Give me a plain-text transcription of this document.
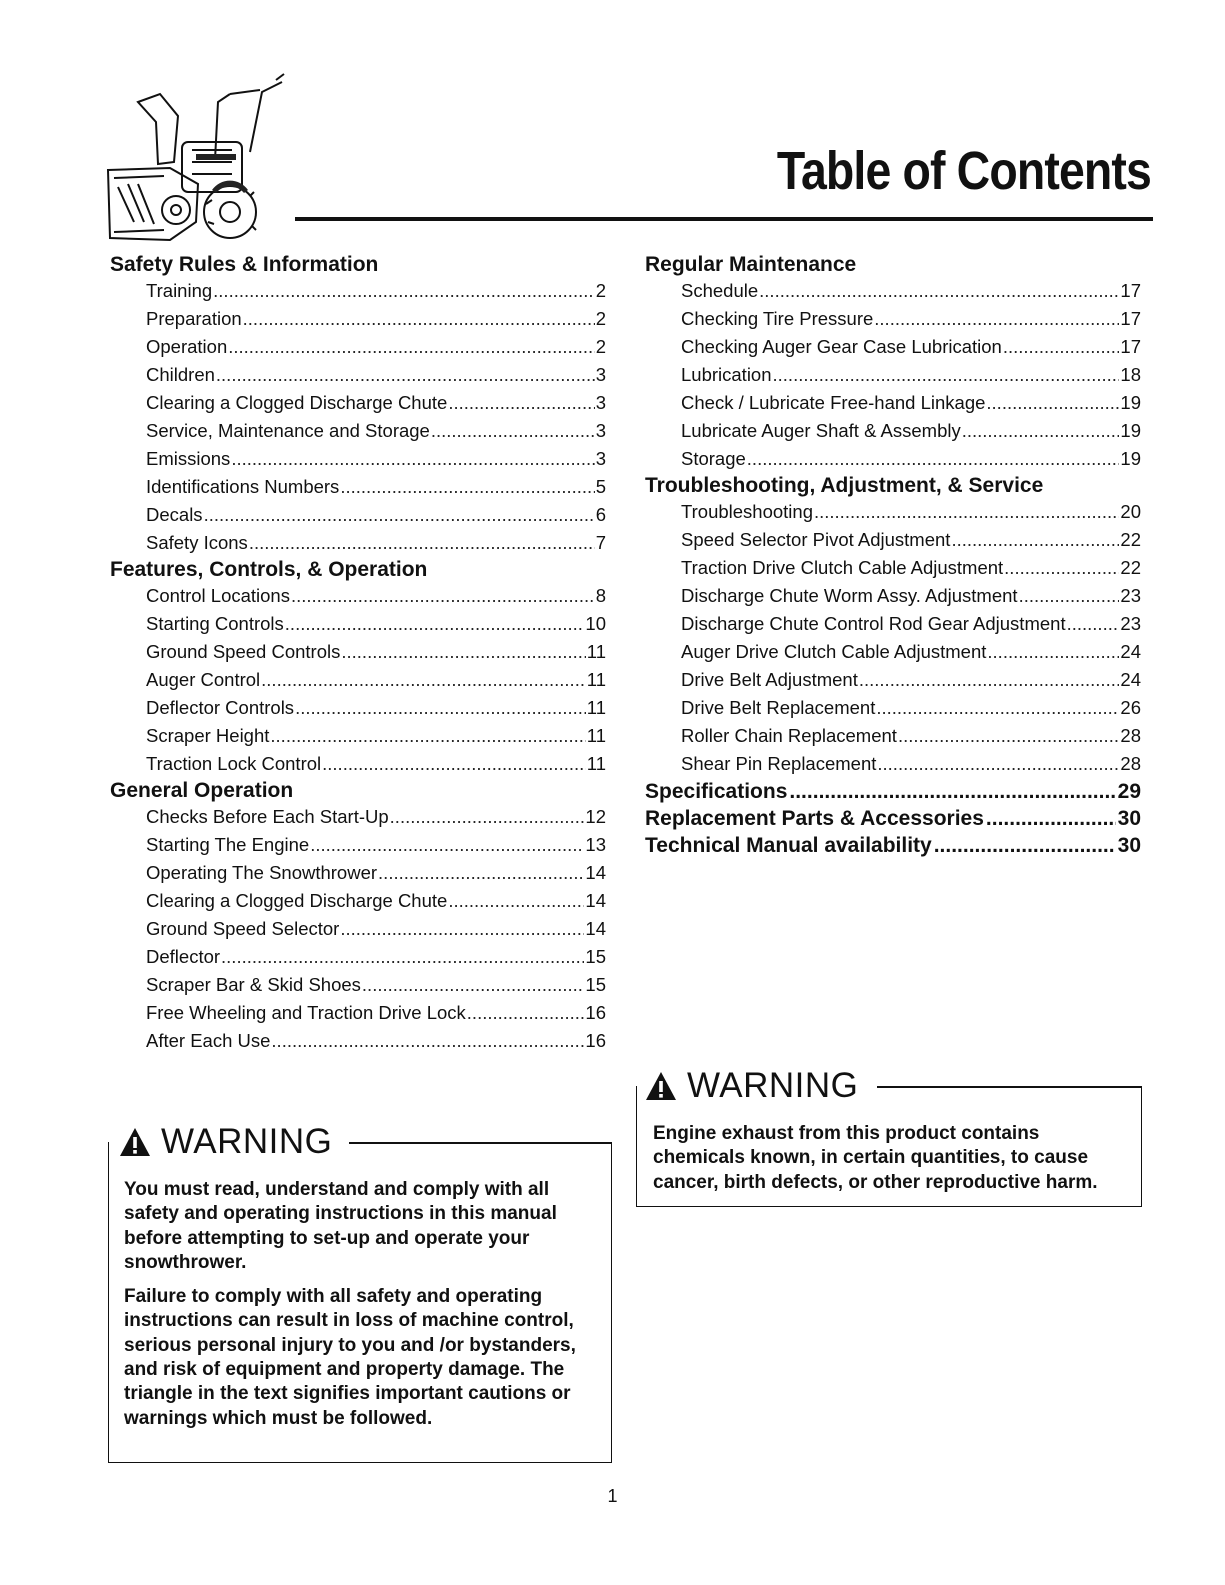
Table of Contents
Safety Rules & Information
Training .....	2
Preparation .....	2
Operation .....	2
Children .....	3
Clearing a Clogged Discharge Chute .....	3
Service, Maintenance and Storage .....	3
Emissions .....	3
Identifications Numbers .....	5
Decals .....	6
Safety Icons .....	7
Features, Controls, & Operation
Control Locations .....	8
Starting Controls .....	10
Ground Speed Controls .....	11
Auger Control .....	11
Deflector Controls .....	11
Scraper Height .....	11
Traction Lock Control .....	11
General Operation
Checks Before Each Start-Up .....	12
Starting The Engine .....	13
Operating The Snowthrower .....	14
Clearing a Clogged Discharge Chute .....	14
Ground Speed Selector .....	14
Deflector .....	15
Scraper Bar & Skid Shoes .....	15
Free Wheeling and Traction Drive Lock .....	16
After Each Use .....	16
Regular Maintenance
Schedule .....	17
Checking Tire Pressure .....	17
Checking Auger Gear Case Lubrication .....	17
Lubrication .....	18
Check / Lubricate Free-hand Linkage .....	19
Lubricate Auger Shaft & Assembly .....	19
Storage .....	19
Troubleshooting, Adjustment, & Service
Troubleshooting .....	20
Speed Selector Pivot Adjustment .....	22
Traction Drive Clutch Cable Adjustment .....	22
Discharge Chute Worm Assy. Adjustment .....	23
Discharge Chute Control Rod Gear Adjustment .....	23
Auger Drive Clutch Cable Adjustment .....	24
Drive Belt Adjustment .....	24
Drive Belt Replacement .....	26
Roller Chain Replacement .....	28
Shear Pin Replacement .....	28
Specifications .....	29
Replacement Parts & Accessories .....	30
Technical Manual availability .....	30
WARNING

Engine exhaust from this product contains chemicals known, in certain quantities, to cause cancer, birth defects, or other reproductive harm.

WARNING

You must read, understand and comply with all safety and operating instructions in this manual before attempting to set-up and operate your snowthrower.

Failure to comply with all safety and operating instructions can result in loss of machine control, serious personal injury to you and /or bystanders, and risk of equipment and property damage. The triangle in the text signifies important cautions or warnings which must be followed.

1
